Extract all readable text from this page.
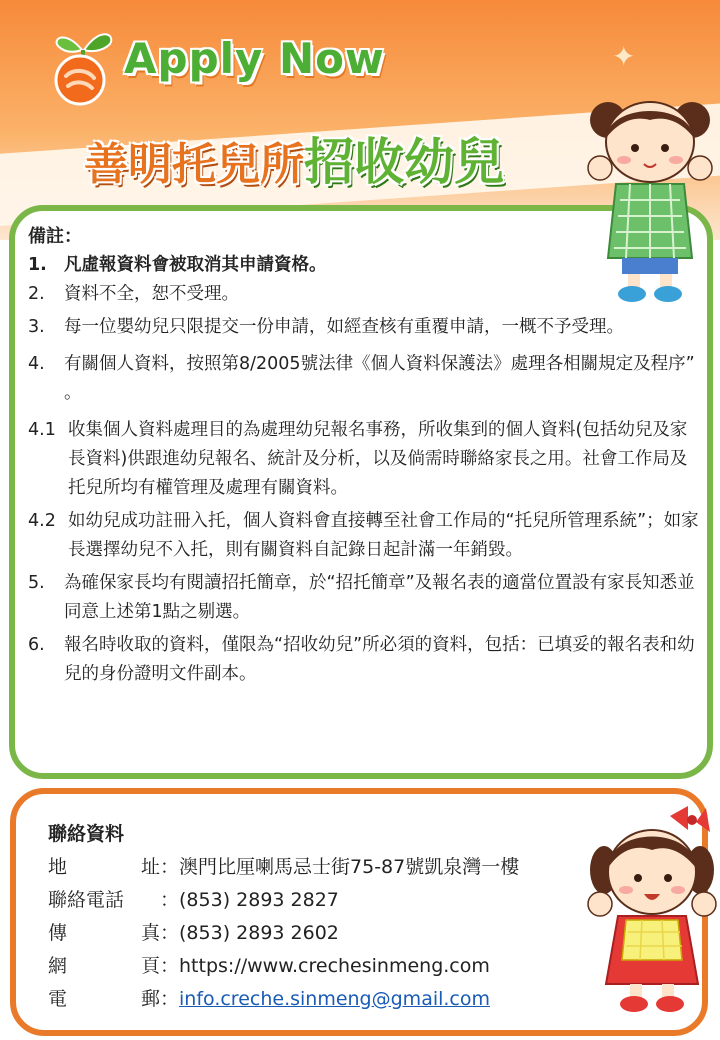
✦
Apply Now
善明托兒所招收幼兒
備註：
1. 凡虛報資料會被取消其申請資格。
2.	資料不全，恕不受理。
3.	每一位嬰幼兒只限提交一份申請，如經查核有重覆申請，一概不予受理。
4.	有關個人資料，按照第8/2005號法律《個人資料保護法》處理各相關規定及程序” 。
4.1 收集個人資料處理目的為處理幼兒報名事務，所收集到的個人資料(包括幼兒及家長資料)供跟進幼兒報名、統計及分析，以及倘需時聯絡家長之用。社會工作局及托兒所均有權管理及處理有關資料。
4.2 如幼兒成功註冊入托，個人資料會直接轉至社會工作局的“托兒所管理系統”；如家長選擇幼兒不入托，則有關資料自記錄日起計滿一年銷毀。
5.	為確保家長均有閱讀招托簡章，於“招托簡章”及報名表的適當位置設有家長知悉並同意上述第1點之剔選。
6.	報名時收取的資料，僅限為“招收幼兒”所必須的資料，包括：已填妥的報名表和幼兒的身份證明文件副本。
聯絡資料
地	址 ： 澳門比厘喇馬忌士街75-87號凱泉灣一樓
聯絡電話	： (853) 2893 2827
傳	真 ： (853) 2893 2602
網	頁 ： https://www.crechesinmeng.com
電	郵 ： info.creche.sinmeng@gmail.com
